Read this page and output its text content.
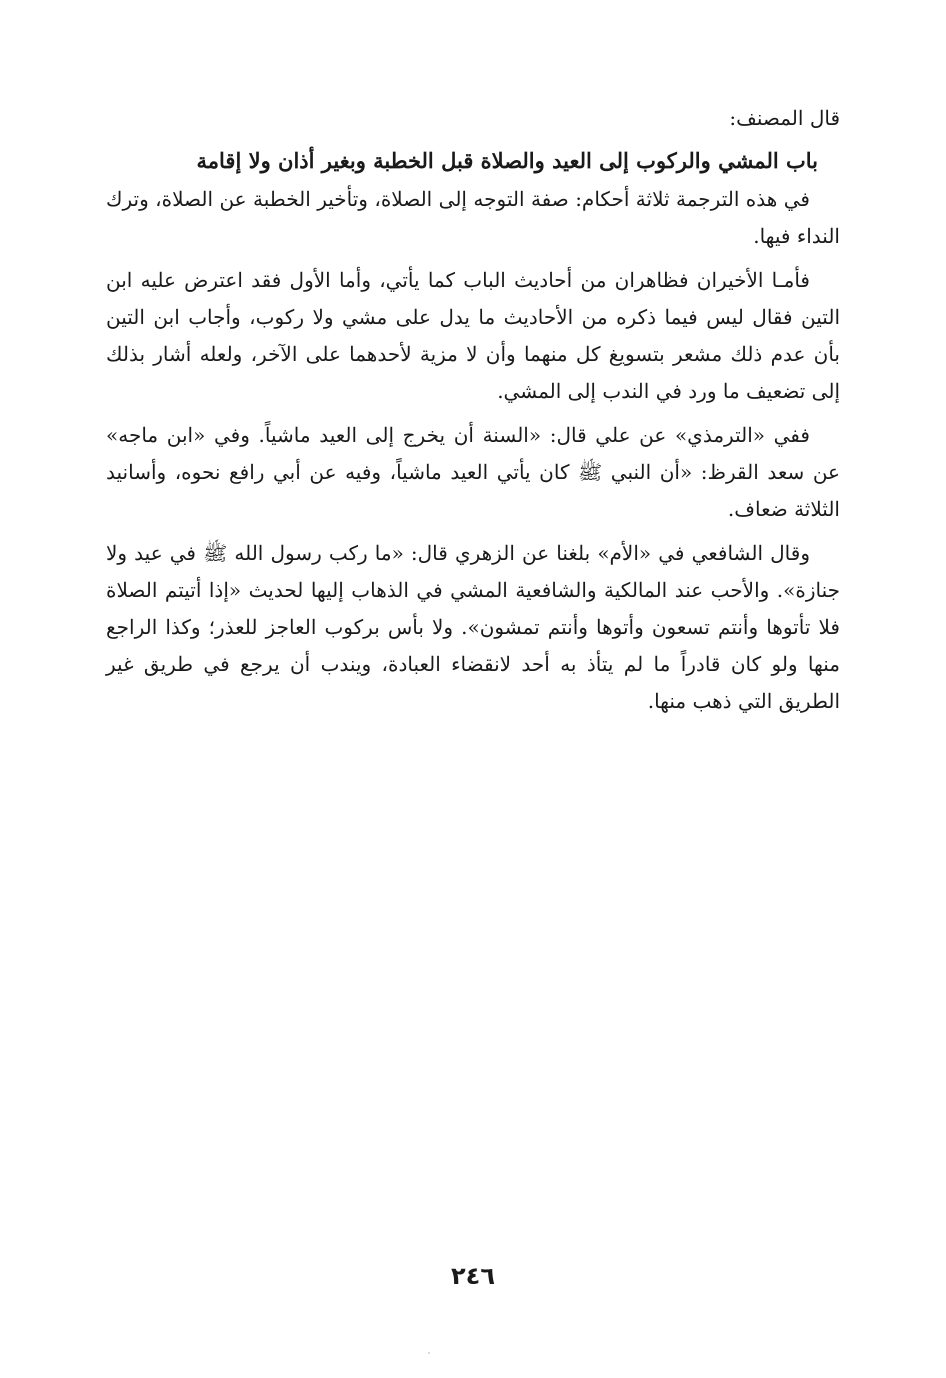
قال المصنف:

باب المشي والركوب إلى العيد والصلاة قبل الخطبة وبغير أذان ولا إقامة

في هذه الترجمة ثلاثة أحكام: صفة التوجه إلى الصلاة، وتأخير الخطبة عن الصلاة، وترك النداء فيها.

فأمـا الأخيران فظاهران من أحاديث الباب كما يأتي، وأما الأول فقد اعترض عليه ابن التين فقال ليس فيما ذكره من الأحاديث ما يدل على مشي ولا ركوب، وأجاب ابن التين بأن عدم ذلك مشعر بتسويغ كل منهما وأن لا مزية لأحدهما على الآخر، ولعله أشار بذلك إلى تضعيف ما ورد في الندب إلى المشي.

ففي «الترمذي» عن علي قال: «السنة أن يخرج إلى العيد ماشياً. وفي «ابن ماجه» عن سعد القرظ: «أن النبي ﷺ كان يأتي العيد ماشياً، وفيه عن أبي رافع نحوه، وأسانيد الثلاثة ضعاف.

وقال الشافعي في «الأم» بلغنا عن الزهري قال: «ما ركب رسول الله ﷺ في عيد ولا جنازة». والأحب عند المالكية والشافعية المشي في الذهاب إليها لحديث «إذا أتيتم الصلاة فلا تأتوها وأنتم تسعون وأتوها وأنتم تمشون». ولا بأس بركوب العاجز للعذر؛ وكذا الراجع منها ولو كان قادراً ما لم يتأذ به أحد لانقضاء العبادة، ويندب أن يرجع في طريق غير الطريق التي ذهب منها.

٢٤٦
